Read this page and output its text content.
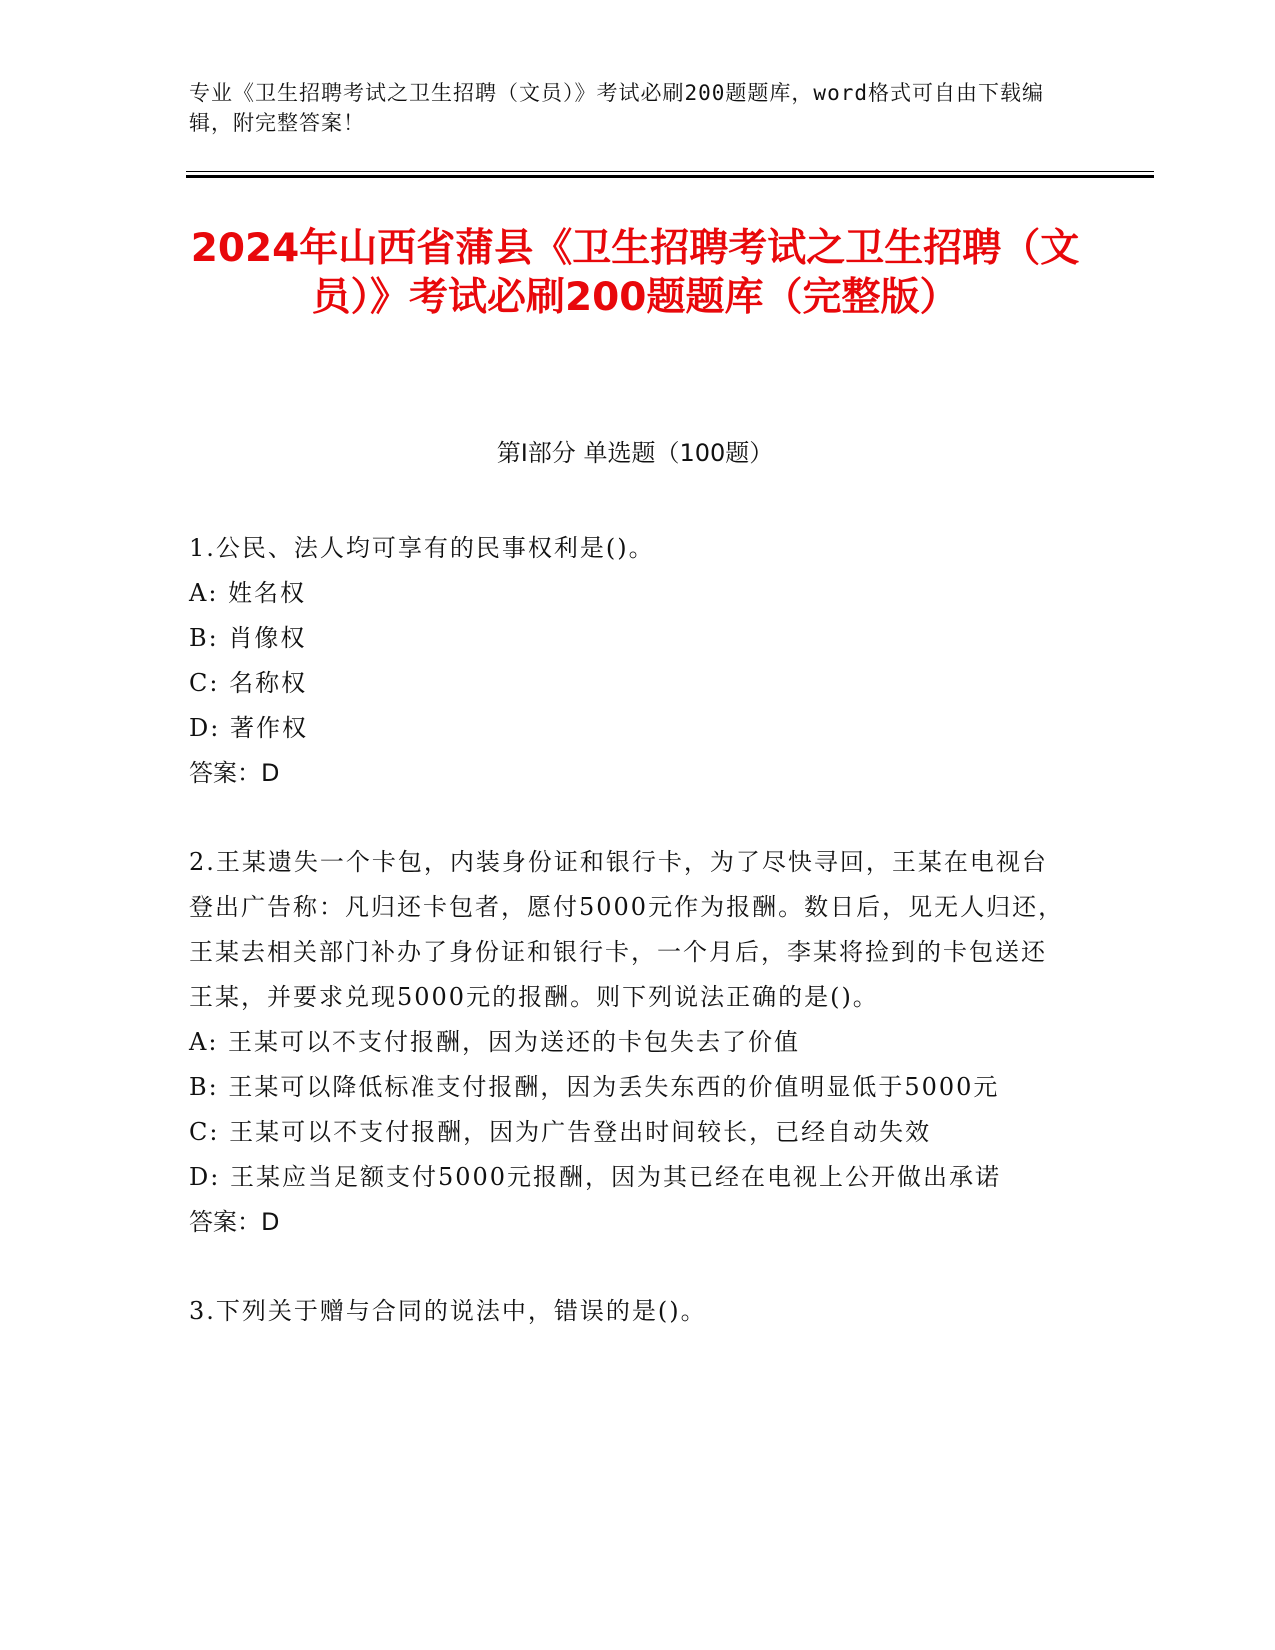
专业《卫生招聘考试之卫生招聘（文员）》考试必刷200题题库，word格式可自由下载编辑，附完整答案！
2024年山西省蒲县《卫生招聘考试之卫生招聘（文员）》考试必刷200题题库（完整版）
第I部分 单选题（100题）

1.公民、法人均可享有的民事权利是()。

A: 姓名权

B: 肖像权

C: 名称权

D: 著作权

答案：D

2.王某遗失一个卡包，内装身份证和银行卡，为了尽快寻回，王某在电视台登出广告称：凡归还卡包者，愿付5000元作为报酬。数日后，见无人归还，王某去相关部门补办了身份证和银行卡，一个月后，李某将捡到的卡包送还王某，并要求兑现5000元的报酬。则下列说法正确的是()。

A: 王某可以不支付报酬，因为送还的卡包失去了价值

B: 王某可以降低标准支付报酬，因为丢失东西的价值明显低于5000元

C: 王某可以不支付报酬，因为广告登出时间较长，已经自动失效

D: 王某应当足额支付5000元报酬，因为其已经在电视上公开做出承诺

答案：D

3.下列关于赠与合同的说法中，错误的是()。
